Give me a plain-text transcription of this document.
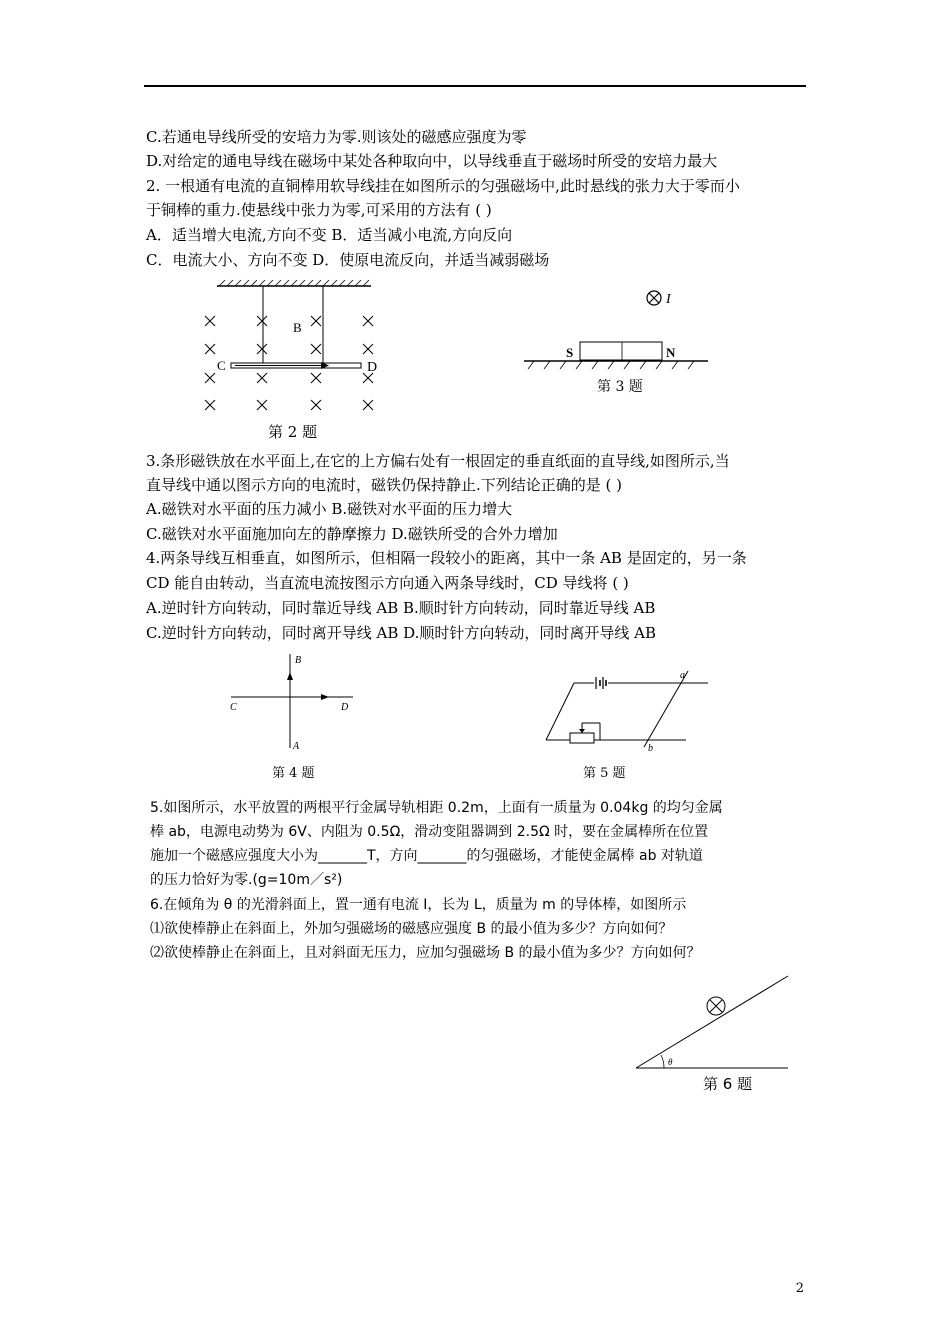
C.若通电导线所受的安培力为零.则该处的磁感应强度为零
D.对给定的通电导线在磁场中某处各种取向中，以导线垂直于磁场时所受的安培力最大
2. 一根通有电流的直铜棒用软导线挂在如图所示的匀强磁场中,此时悬线的张力大于零而小
于铜棒的重力.使悬线中张力为零,可采用的方法有 ( )
A．适当增大电流,方向不变 B．适当减小电流,方向反向
C．电流大小、方向不变 D．使原电流反向，并适当减弱磁场
B
C	D
第 2 题
I
S	N
第 3 题
3.条形磁铁放在水平面上,在它的上方偏右处有一根固定的垂直纸面的直导线,如图所示,当
直导线中通以图示方向的电流时，磁铁仍保持静止.下列结论正确的是 ( )
A.磁铁对水平面的压力减小 B.磁铁对水平面的压力增大
C.磁铁对水平面施加向左的静摩擦力 D.磁铁所受的合外力增加
4.两条导线互相垂直，如图所示，但相隔一段较小的距离，其中一条 AB 是固定的，另一条
CD 能自由转动，当直流电流按图示方向通入两条导线时，CD 导线将 ( )
A.逆时针方向转动，同时靠近导线 AB B.顺时针方向转动，同时靠近导线 AB
C.逆时针方向转动，同时离开导线 AB D.顺时针方向转动，同时离开导线 AB
B
C	D
A
第 4 题
a
b
第 5 题
5.如图所示，水平放置的两根平行金属导轨相距 0.2m，上面有一质量为 0.04kg 的均匀金属
棒 ab，电源电动势为 6V、内阻为 0.5Ω，滑动变阻器调到 2.5Ω 时，要在金属棒所在位置
施加一个磁感应强度大小为_______T，方向_______的匀强磁场，才能使金属棒 ab 对轨道
的压力恰好为零.(g=10m／s²)
6.在倾角为 θ 的光滑斜面上，置一通有电流 I，长为 L，质量为 m 的导体棒，如图所示
⑴欲使棒静止在斜面上，外加匀强磁场的磁感应强度 B 的最小值为多少？方向如何？
⑵欲使棒静止在斜面上，且对斜面无压力，应加匀强磁场 B 的最小值为多少？方向如何？
θ
第 6 题
2
